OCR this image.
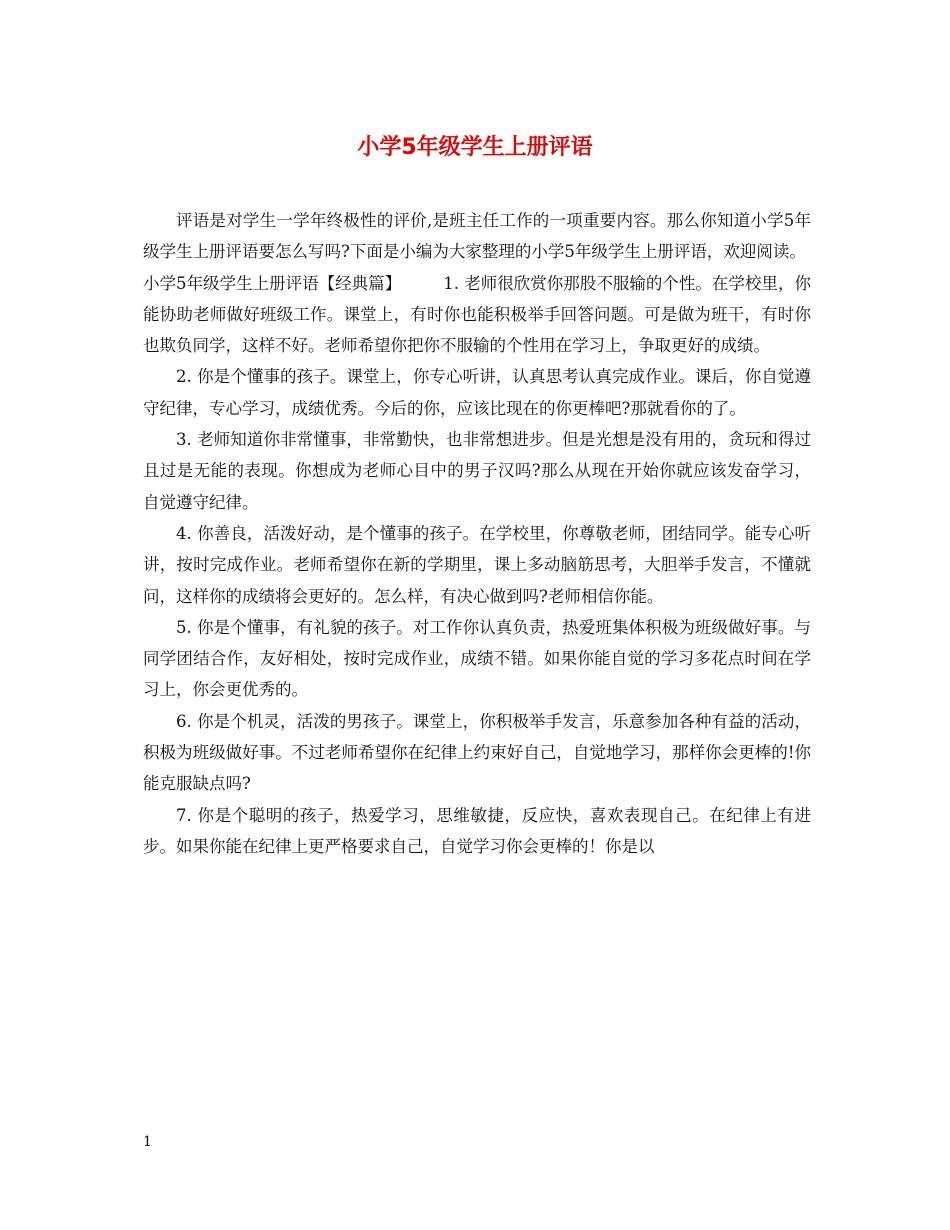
小学5年级学生上册评语

评语是对学生一学年终极性的评价,是班主任工作的一项重要内容。那么你知道小学5年级学生上册评语要怎么写吗?下面是小编为大家整理的小学5年级学生上册评语，欢迎阅读。

小学5年级学生上册评语【经典篇】	1. 老师很欣赏你那股不服输的个性。在学校里，你能协助老师做好班级工作。课堂上，有时你也能积极举手回答问题。可是做为班干，有时你也欺负同学，这样不好。老师希望你把你不服输的个性用在学习上，争取更好的成绩。

2. 你是个懂事的孩子。课堂上，你专心听讲，认真思考认真完成作业。课后，你自觉遵守纪律，专心学习，成绩优秀。今后的你，应该比现在的你更棒吧?那就看你的了。

3. 老师知道你非常懂事，非常勤快，也非常想进步。但是光想是没有用的，贪玩和得过且过是无能的表现。你想成为老师心目中的男子汉吗?那么从现在开始你就应该发奋学习，自觉遵守纪律。

4. 你善良，活泼好动，是个懂事的孩子。在学校里，你尊敬老师，团结同学。能专心听讲，按时完成作业。老师希望你在新的学期里，课上多动脑筋思考，大胆举手发言，不懂就问，这样你的成绩将会更好的。怎么样，有决心做到吗?老师相信你能。

5. 你是个懂事，有礼貌的孩子。对工作你认真负责，热爱班集体积极为班级做好事。与同学团结合作，友好相处，按时完成作业，成绩不错。如果你能自觉的学习多花点时间在学习上，你会更优秀的。

6. 你是个机灵，活泼的男孩子。课堂上，你积极举手发言，乐意参加各种有益的活动，积极为班级做好事。不过老师希望你在纪律上约束好自己，自觉地学习，那样你会更棒的!你能克服缺点吗?

7. 你是个聪明的孩子，热爱学习，思维敏捷，反应快，喜欢表现自己。在纪律上有进步。如果你能在纪律上更严格要求自己，自觉学习你会更棒的！你是以

1
